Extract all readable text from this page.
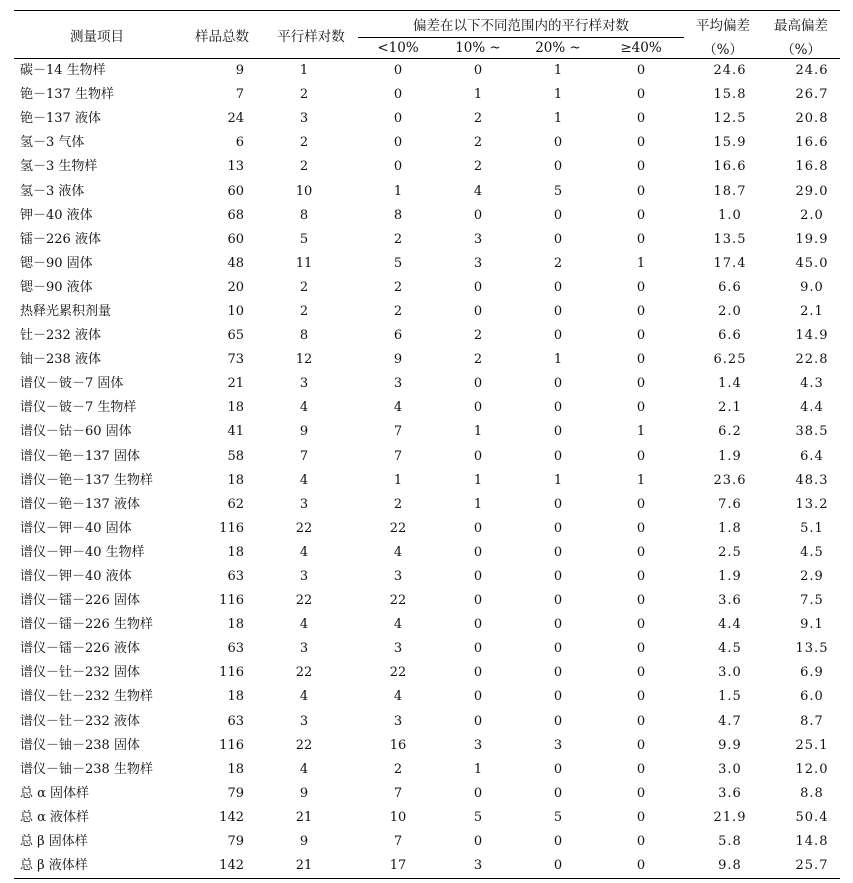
测量项目	样品总数	平行样对数	偏差在以下不同范围内的平行样对数				平均偏差	最高偏差
			<10%	10% ~	20% ~	≥40%	（%）	（%）
碳－14 生物样	9	1	0	0	1	0	24.6	24.6
铯－137 生物样	7	2	0	1	1	0	15.8	26.7
铯－137 液体	24	3	0	2	1	0	12.5	20.8
氢－3 气体	6	2	0	2	0	0	15.9	16.6
氢－3 生物样	13	2	0	2	0	0	16.6	16.8
氢－3 液体	60	10	1	4	5	0	18.7	29.0
钾－40 液体	68	8	8	0	0	0	1.0	2.0
镭－226 液体	60	5	2	3	0	0	13.5	19.9
锶－90 固体	48	11	5	3	2	1	17.4	45.0
锶－90 液体	20	2	2	0	0	0	6.6	9.0
热释光累积剂量	10	2	2	0	0	0	2.0	2.1
钍－232 液体	65	8	6	2	0	0	6.6	14.9
铀－238 液体	73	12	9	2	1	0	6.25	22.8
谱仪－铍－7 固体	21	3	3	0	0	0	1.4	4.3
谱仪－铍－7 生物样	18	4	4	0	0	0	2.1	4.4
谱仪－钴－60 固体	41	9	7	1	0	1	6.2	38.5
谱仪－铯－137 固体	58	7	7	0	0	0	1.9	6.4
谱仪－铯－137 生物样	18	4	1	1	1	1	23.6	48.3
谱仪－铯－137 液体	62	3	2	1	0	0	7.6	13.2
谱仪－钾－40 固体	116	22	22	0	0	0	1.8	5.1
谱仪－钾－40 生物样	18	4	4	0	0	0	2.5	4.5
谱仪－钾－40 液体	63	3	3	0	0	0	1.9	2.9
谱仪－镭－226 固体	116	22	22	0	0	0	3.6	7.5
谱仪－镭－226 生物样	18	4	4	0	0	0	4.4	9.1
谱仪－镭－226 液体	63	3	3	0	0	0	4.5	13.5
谱仪－钍－232 固体	116	22	22	0	0	0	3.0	6.9
谱仪－钍－232 生物样	18	4	4	0	0	0	1.5	6.0
谱仪－钍－232 液体	63	3	3	0	0	0	4.7	8.7
谱仪－铀－238 固体	116	22	16	3	3	0	9.9	25.1
谱仪－铀－238 生物样	18	4	2	1	0	0	3.0	12.0
总 α 固体样	79	9	7	0	0	0	3.6	8.8
总 α 液体样	142	21	10	5	5	0	21.9	50.4
总 β 固体样	79	9	7	0	0	0	5.8	14.8
总 β 液体样	142	21	17	3	0	0	9.8	25.7
